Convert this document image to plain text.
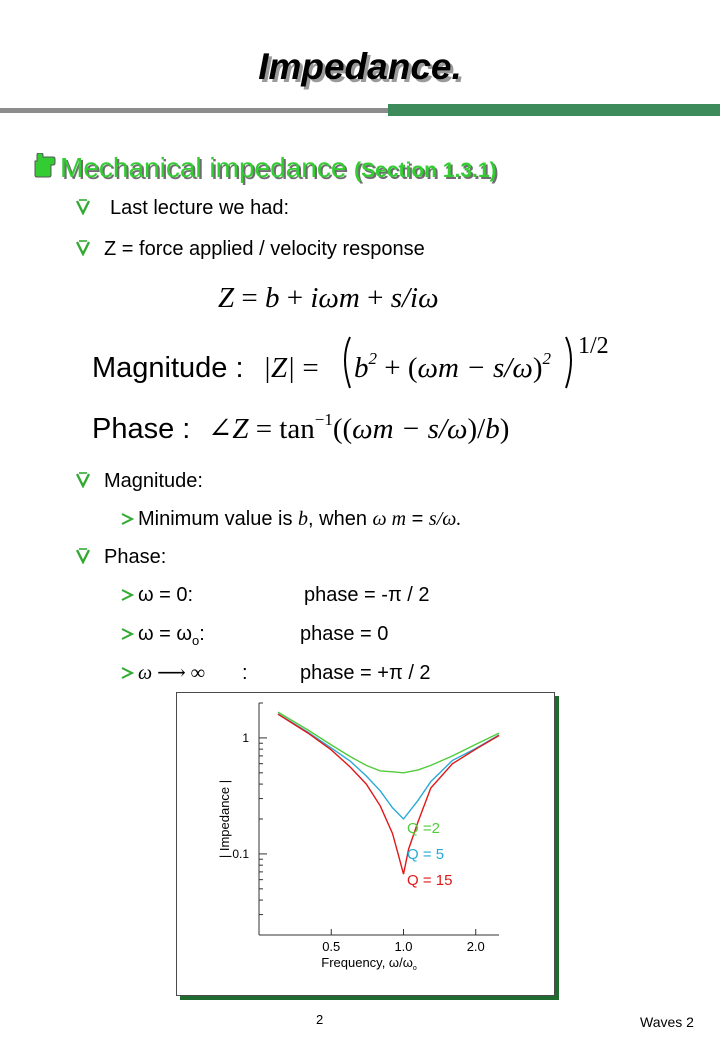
Impedance.
Mechanical impedance (Section 1.3.1)
Last lecture we had:
Z = force applied / velocity response
Z = b + iωm + s/iω
Magnitude : $|Z| = b^2 + (\omega m - s/\omega)^2$ 1/2
Phase : ∠Z = $\tan^{-1}((\omega m - s/\omega)/b)$
Magnitude:
Minimum value is b, when ω m = s/ω.
Phase:
ω = 0:	phase = -π / 2
$\omega = \omega_o$:	phase = 0
ω ⟶ ∞ :	phase = +π / 2
1
0.1
0.5	1.0	2.0
Frequency, $\omega/\omega_o$
| Impedance |	Q =2
Q = 5
Q = 15
2	Waves 2
